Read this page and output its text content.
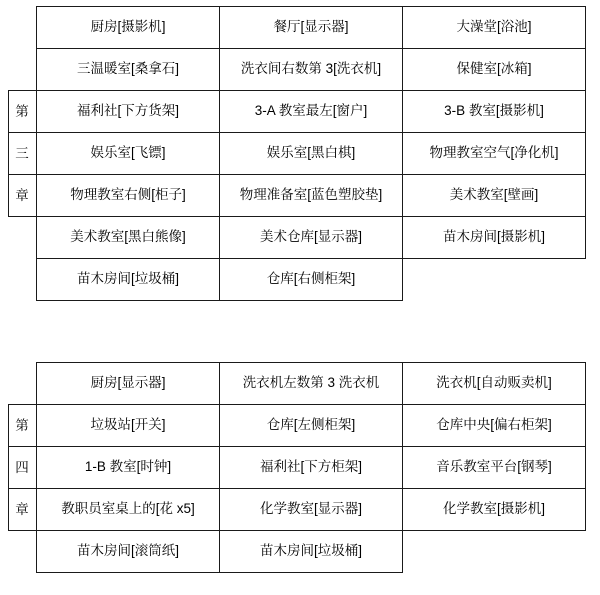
	厨房[摄影机]	餐厅[显示器]	大澡堂[浴池]
	三温暖室[桑拿石]	洗衣间右数第 3[洗衣机]	保健室[冰箱]

第	福利社[下方货架]	3-A 教室最左[窗户]	3-B 教室[摄影机]

三	娱乐室[飞镖]	娱乐室[黑白棋]	物理教室空气[净化机]

章	物理教室右侧[柜子]	物理准备室[蓝色塑胶垫]	美术教室[壁画]
	美术教室[黑白熊像]	美术仓库[显示器]	苗木房间[摄影机]
	苗木房间[垃圾桶]	仓库[右侧柜架]	
	厨房[显示器]	洗衣机左数第 3 洗衣机	洗衣机[自动贩卖机]

第	垃圾站[开关]	仓库[左侧柜架]	仓库中央[偏右柜架]

四	1-B 教室[时钟]	福利社[下方柜架]	音乐教室平台[钢琴]

章	教职员室桌上的[花 x5]	化学教室[显示器]	化学教室[摄影机]
	苗木房间[滚筒纸]	苗木房间[垃圾桶]	
